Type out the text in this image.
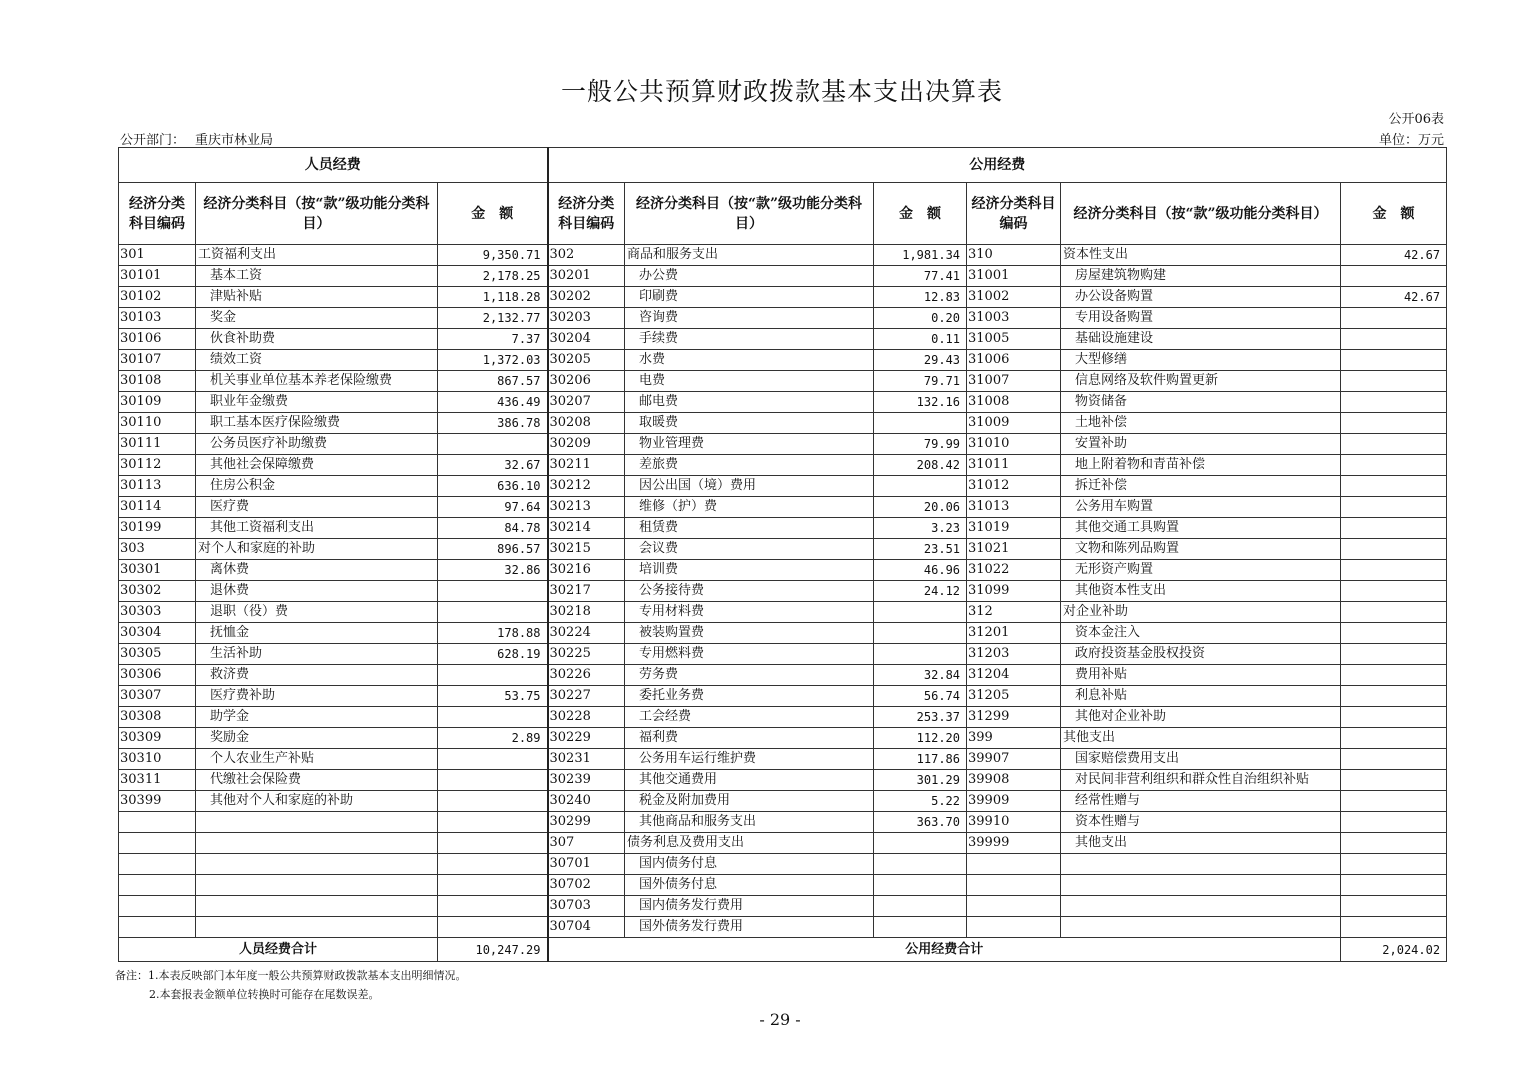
一般公共预算财政拨款基本支出决算表
公开06表
公开部门： 重庆市林业局	单位：万元
人员经费			公用经费					
经济分类科目编码	经济分类科目（按“款”级功能分类科目）	金　额	经济分类科目编码	经济分类科目（按“款”级功能分类科目）	金　额	经济分类科目编码	经济分类科目（按“款”级功能分类科目）	金　额
301	工资福利支出	9,350.71	302	商品和服务支出	1,981.34	310	资本性支出	42.67
30101	基本工资	2,178.25	30201	办公费	77.41	31001	房屋建筑物购建	
30102	津贴补贴	1,118.28	30202	印刷费	12.83	31002	办公设备购置	42.67
30103	奖金	2,132.77	30203	咨询费	0.20	31003	专用设备购置	
30106	伙食补助费	7.37	30204	手续费	0.11	31005	基础设施建设	
30107	绩效工资	1,372.03	30205	水费	29.43	31006	大型修缮	
30108	机关事业单位基本养老保险缴费	867.57	30206	电费	79.71	31007	信息网络及软件购置更新	
30109	职业年金缴费	436.49	30207	邮电费	132.16	31008	物资储备	
30110	职工基本医疗保险缴费	386.78	30208	取暖费		31009	土地补偿	
30111	公务员医疗补助缴费		30209	物业管理费	79.99	31010	安置补助	
30112	其他社会保障缴费	32.67	30211	差旅费	208.42	31011	地上附着物和青苗补偿	
30113	住房公积金	636.10	30212	因公出国（境）费用		31012	拆迁补偿	
30114	医疗费	97.64	30213	维修（护）费	20.06	31013	公务用车购置	
30199	其他工资福利支出	84.78	30214	租赁费	3.23	31019	其他交通工具购置	
303	对个人和家庭的补助	896.57	30215	会议费	23.51	31021	文物和陈列品购置	
30301	离休费	32.86	30216	培训费	46.96	31022	无形资产购置	
30302	退休费		30217	公务接待费	24.12	31099	其他资本性支出	
30303	退职（役）费		30218	专用材料费		312	对企业补助	
30304	抚恤金	178.88	30224	被装购置费		31201	资本金注入	
30305	生活补助	628.19	30225	专用燃料费		31203	政府投资基金股权投资	
30306	救济费		30226	劳务费	32.84	31204	费用补贴	
30307	医疗费补助	53.75	30227	委托业务费	56.74	31205	利息补贴	
30308	助学金		30228	工会经费	253.37	31299	其他对企业补助	
30309	奖励金	2.89	30229	福利费	112.20	399	其他支出	
30310	个人农业生产补贴		30231	公务用车运行维护费	117.86	39907	国家赔偿费用支出	
30311	代缴社会保险费		30239	其他交通费用	301.29	39908	对民间非营利组织和群众性自治组织补贴	
30399	其他对个人和家庭的补助		30240	税金及附加费用	5.22	39909	经常性赠与	
			30299	其他商品和服务支出	363.70	39910	资本性赠与	
			307	债务利息及费用支出		39999	其他支出	
			30701	国内债务付息				
			30702	国外债务付息				
			30703	国内债务发行费用				
			30704	国外债务发行费用				
人员经费合计		10,247.29	公用经费合计					2,024.02
备注：1.本表反映部门本年度一般公共预算财政拨款基本支出明细情况。
2.本套报表金额单位转换时可能存在尾数误差。
- 29 -
